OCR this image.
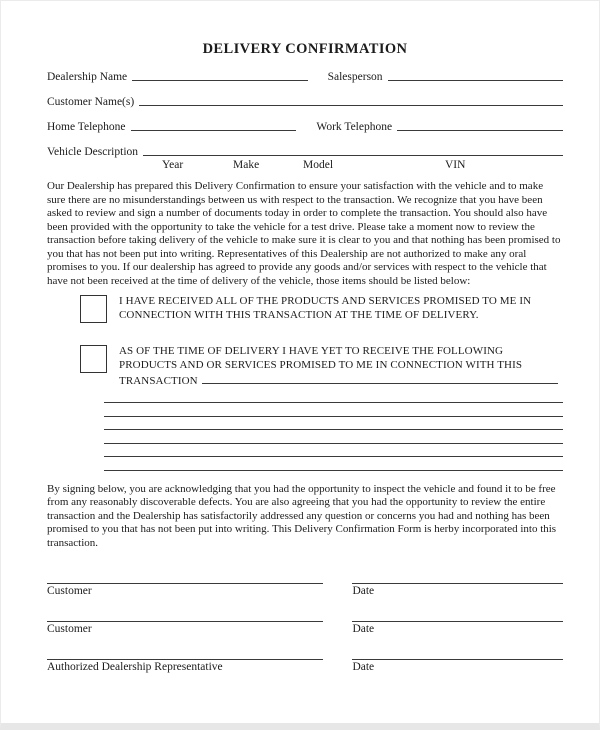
DELIVERY CONFIRMATION
Dealership Name	Salesperson
Customer Name(s)
Home Telephone	Work Telephone
Vehicle Description
Year	Make	Model	VIN
Our Dealership has prepared this Delivery Confirmation to ensure your satisfaction with the vehicle and to make sure there are no misunderstandings between us with respect to the transaction. We recognize that you have been asked to review and sign a number of documents today in order to complete the transaction. You should also have been provided with the opportunity to take the vehicle for a test drive. Please take a moment now to review the transaction before taking delivery of the vehicle to make sure it is clear to you and that nothing has been promised to you that has not been put into writing. Representatives of this Dealership are not authorized to make any oral promises to you. If our dealership has agreed to provide any goods and/or services with respect to the vehicle that have not been received at the time of delivery of the vehicle, those items should be listed below:
I HAVE RECEIVED ALL OF THE PRODUCTS AND SERVICES PROMISED TO ME IN CONNECTION WITH THIS TRANSACTION AT THE TIME OF DELIVERY.
AS OF THE TIME OF DELIVERY I HAVE YET TO RECEIVE THE FOLLOWING PRODUCTS AND OR SERVICES PROMISED TO ME IN CONNECTION WITH THIS TRANSACTION
By signing below, you are acknowledging that you had the opportunity to inspect the vehicle and found it to be free from any reasonably discoverable defects. You are also agreeing that you had the opportunity to review the entire transaction and the Dealership has satisfactorily addressed any question or concerns you had and nothing has been promised to you that has not been put into writing. This Delivery Confirmation Form is herby incorporated into this transaction.
Customer	Date
Customer	Date
Authorized Dealership Representative	Date
